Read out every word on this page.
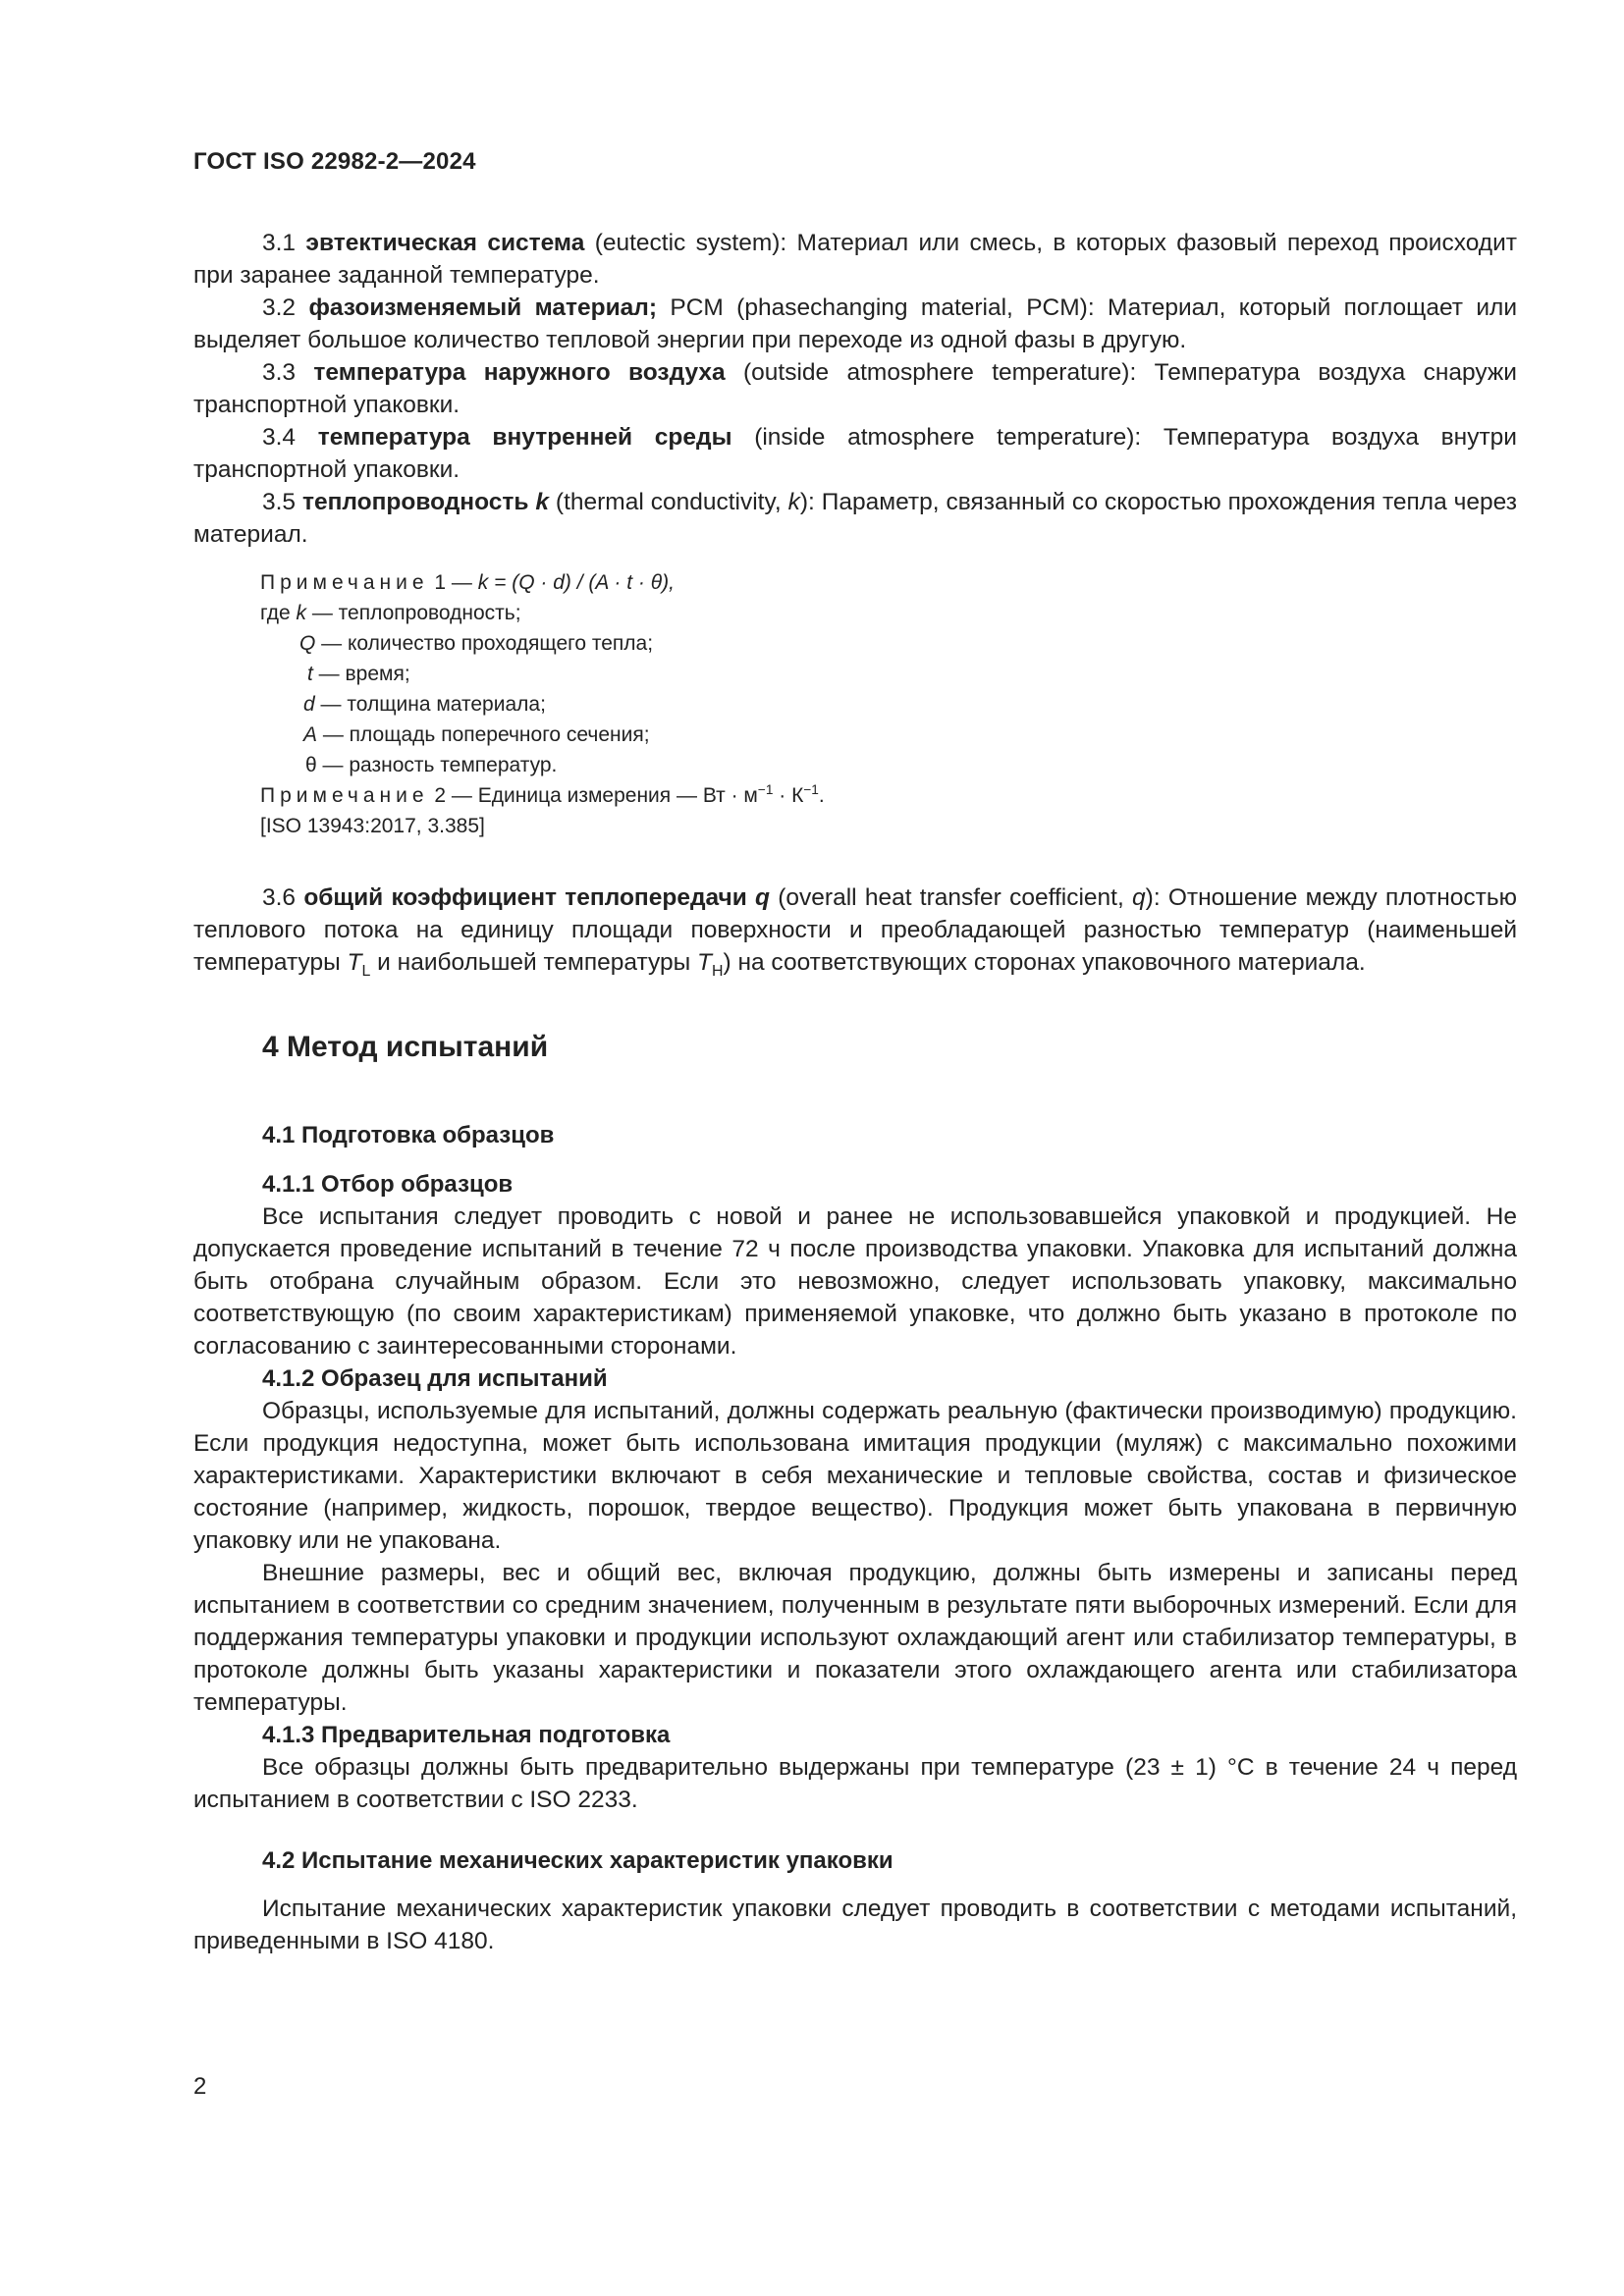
ГОСТ ISO 22982-2—2024

3.1 эвтектическая система (eutectic system): Материал или смесь, в которых фазовый переход происходит при заранее заданной температуре.

3.2 фазоизменяемый материал; PCM (phasechanging material, PCM): Материал, который поглощает или выделяет большое количество тепловой энергии при переходе из одной фазы в другую.

3.3 температура наружного воздуха (outside atmosphere temperature): Температура воздуха снаружи транспортной упаковки.

3.4 температура внутренней среды (inside atmosphere temperature): Температура воздуха внутри транспортной упаковки.

3.5 теплопроводность k (thermal conductivity, k): Параметр, связанный со скоростью прохождения тепла через материал.

Примечание 1 — k = (Q · d) / (A · t · θ),
где k — теплопроводность;
Q — количество проходящего тепла;
t — время;
d — толщина материала;
A — площадь поперечного сечения;
θ — разность температур.
Примечание 2 — Единица измерения — Вт · $м^{-1} \cdot К^{-1}$.
[ISO 13943:2017, 3.385]

3.6 общий коэффициент теплопередачи q (overall heat transfer coefficient, q): Отношение между плотностью теплового потока на единицу площади поверхности и преобладающей разностью температур (наименьшей температуры $T_L$ и наибольшей температуры $T_H$) на соответствующих сторонах упаковочного материала.

4 Метод испытаний
4.1 Подготовка образцов
4.1.1 Отбор образцов

Все испытания следует проводить с новой и ранее не использовавшейся упаковкой и продукцией. Не допускается проведение испытаний в течение 72 ч после производства упаковки. Упаковка для испытаний должна быть отобрана случайным образом. Если это невозможно, следует использовать упаковку, максимально соответствующую (по своим характеристикам) применяемой упаковке, что должно быть указано в протоколе по согласованию с заинтересованными сторонами.

4.1.2 Образец для испытаний

Образцы, используемые для испытаний, должны содержать реальную (фактически производимую) продукцию. Если продукция недоступна, может быть использована имитация продукции (муляж) с максимально похожими характеристиками. Характеристики включают в себя механические и тепловые свойства, состав и физическое состояние (например, жидкость, порошок, твердое вещество). Продукция может быть упакована в первичную упаковку или не упакована.

Внешние размеры, вес и общий вес, включая продукцию, должны быть измерены и записаны перед испытанием в соответствии со средним значением, полученным в результате пяти выборочных измерений. Если для поддержания температуры упаковки и продукции используют охлаждающий агент или стабилизатор температуры, в протоколе должны быть указаны характеристики и показатели этого охлаждающего агента или стабилизатора температуры.

4.1.3 Предварительная подготовка

Все образцы должны быть предварительно выдержаны при температуре (23 ± 1) °C в течение 24 ч перед испытанием в соответствии с ISO 2233.

4.2 Испытание механических характеристик упаковки

Испытание механических характеристик упаковки следует проводить в соответствии с методами испытаний, приведенными в ISO 4180.

2
